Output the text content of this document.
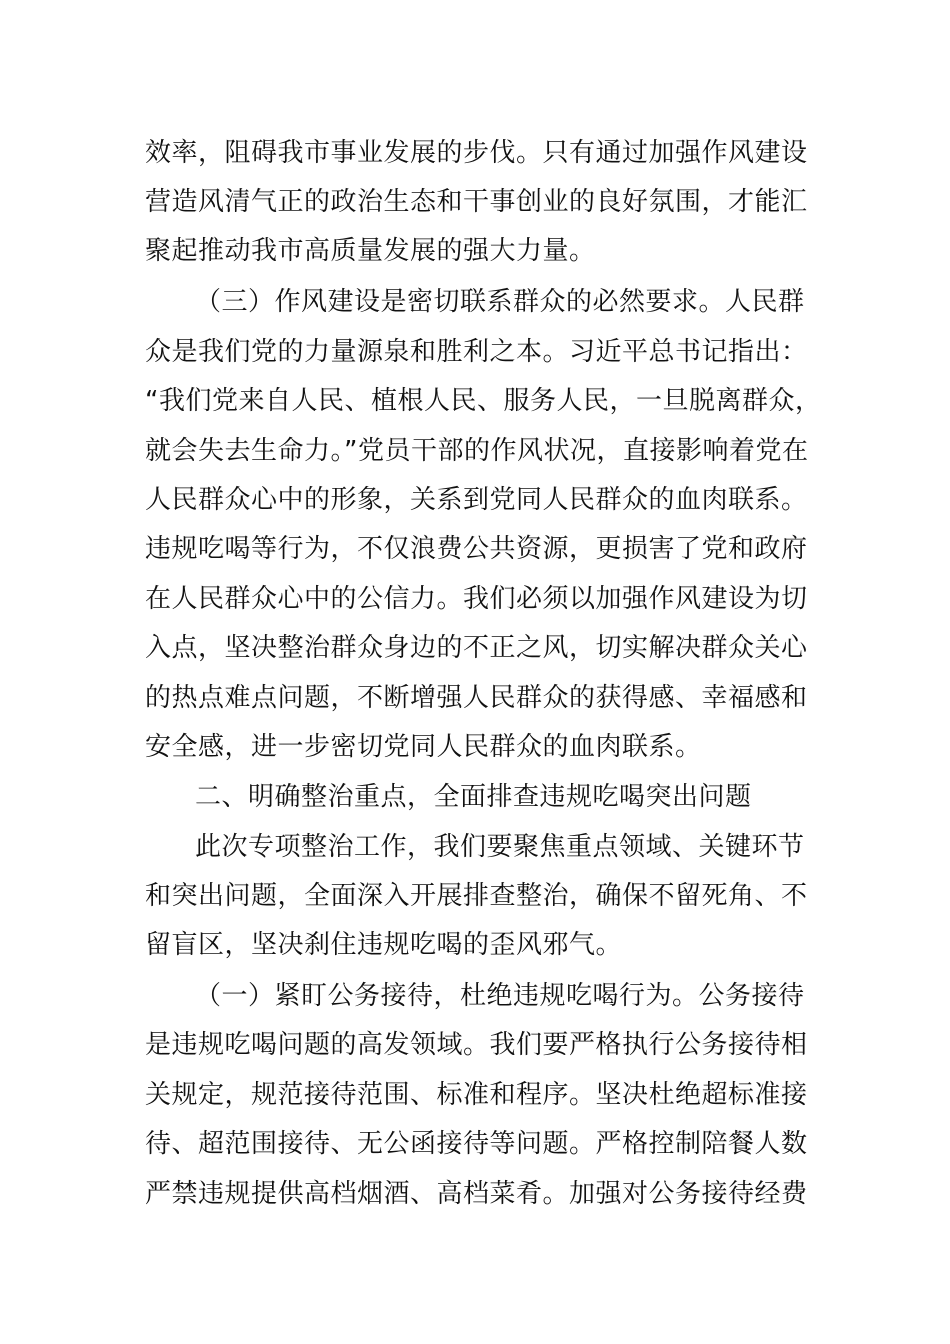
效率，阻碍我市事业发展的步伐。只有通过加强作风建设
营造风清气正的政治生态和干事创业的良好氛围，才能汇
聚起推动我市高质量发展的强大力量。
（三）作风建设是密切联系群众的必然要求。人民群
众是我们党的力量源泉和胜利之本。习近平总书记指出：
“我们党来自人民、植根人民、服务人民，一旦脱离群众，
就会失去生命力。”党员干部的作风状况，直接影响着党在
人民群众心中的形象，关系到党同人民群众的血肉联系。
违规吃喝等行为，不仅浪费公共资源，更损害了党和政府
在人民群众心中的公信力。我们必须以加强作风建设为切
入点，坚决整治群众身边的不正之风，切实解决群众关心
的热点难点问题，不断增强人民群众的获得感、幸福感和
安全感，进一步密切党同人民群众的血肉联系。
二、明确整治重点，全面排查违规吃喝突出问题
此次专项整治工作，我们要聚焦重点领域、关键环节
和突出问题，全面深入开展排查整治，确保不留死角、不
留盲区，坚决刹住违规吃喝的歪风邪气。
（一）紧盯公务接待，杜绝违规吃喝行为。公务接待
是违规吃喝问题的高发领域。我们要严格执行公务接待相
关规定，规范接待范围、标准和程序。坚决杜绝超标准接
待、超范围接待、无公函接待等问题。严格控制陪餐人数
严禁违规提供高档烟酒、高档菜肴。加强对公务接待经费
